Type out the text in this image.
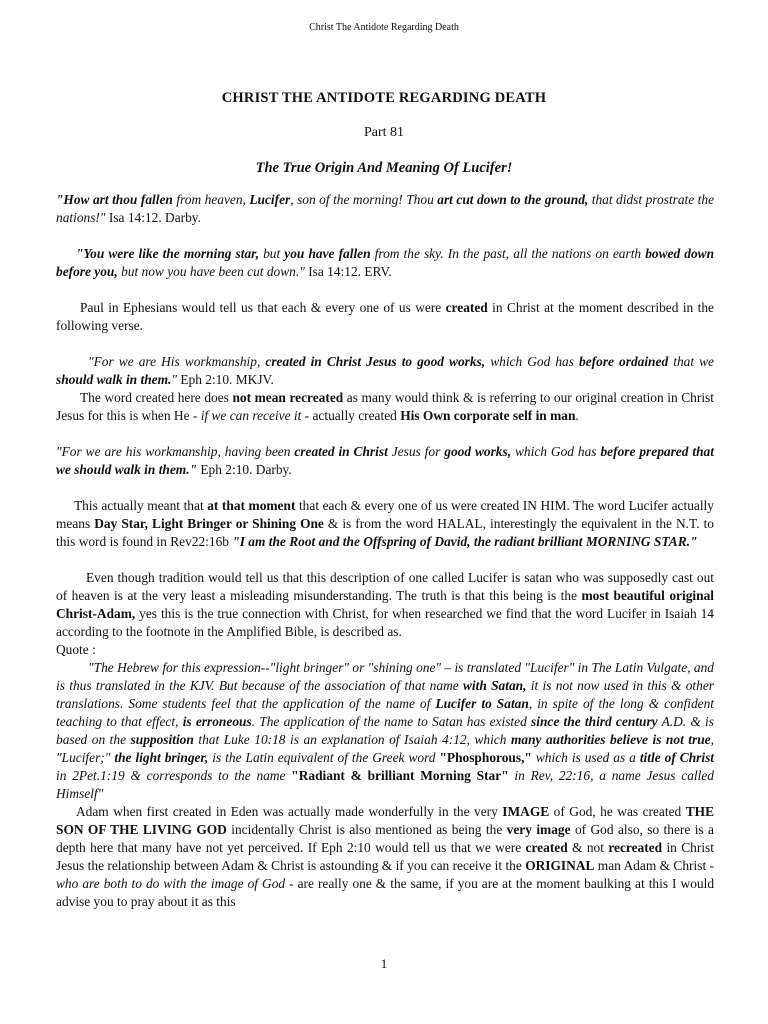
Christ The Antidote Regarding Death
CHRIST THE ANTIDOTE REGARDING DEATH
Part 81
The True Origin And Meaning Of Lucifer!

"How art thou fallen from heaven, Lucifer, son of the morning! Thou art cut down to the ground, that didst prostrate the nations!" Isa 14:12. Darby.

"You were like the morning star, but you have fallen from the sky. In the past, all the nations on earth bowed down before you, but now you have been cut down." Isa 14:12. ERV.

Paul in Ephesians would tell us that each & every one of us were created in Christ at the moment described in the following verse.

"For we are His workmanship, created in Christ Jesus to good works, which God has before ordained that we should walk in them." Eph 2:10. MKJV.

The word created here does not mean recreated as many would think & is referring to our original creation in Christ Jesus for this is when He - if we can receive it - actually created His Own corporate self in man.

"For we are his workmanship, having been created in Christ Jesus for good works, which God has before prepared that we should walk in them." Eph 2:10. Darby.

This actually meant that at that moment that each & every one of us were created IN HIM. The word Lucifer actually means Day Star, Light Bringer or Shining One & is from the word HALAL, interestingly the equivalent in the N.T. to this word is found in Rev22:16b "I am the Root and the Offspring of David, the radiant brilliant MORNING STAR."

Even though tradition would tell us that this description of one called Lucifer is satan who was supposedly cast out of heaven is at the very least a misleading misunderstanding. The truth is that this being is the most beautiful original Christ-Adam, yes this is the true connection with Christ, for when researched we find that the word Lucifer in Isaiah 14 according to the footnote in the Amplified Bible, is described as.

Quote :

"The Hebrew for this expression--"light bringer" or "shining one" – is translated "Lucifer" in The Latin Vulgate, and is thus translated in the KJV. But because of the association of that name with Satan, it is not now used in this & other translations. Some students feel that the application of the name of Lucifer to Satan, in spite of the long & confident teaching to that effect, is erroneous. The application of the name to Satan has existed since the third century A.D. & is based on the supposition that Luke 10:18 is an explanation of Isaiah 4:12, which many authorities believe is not true, "Lucifer;" the light bringer, is the Latin equivalent of the Greek word "Phosphorous," which is used as a title of Christ in 2Pet.1:19 & corresponds to the name "Radiant & brilliant Morning Star" in Rev, 22:16, a name Jesus called Himself"

Adam when first created in Eden was actually made wonderfully in the very IMAGE of God, he was created THE SON OF THE LIVING GOD incidentally Christ is also mentioned as being the very image of God also, so there is a depth here that many have not yet perceived. If Eph 2:10 would tell us that we were created & not recreated in Christ Jesus the relationship between Adam & Christ is astounding & if you can receive it the ORIGINAL man Adam & Christ - who are both to do with the image of God - are really one & the same, if you are at the moment baulking at this I would advise you to pray about it as this

1
